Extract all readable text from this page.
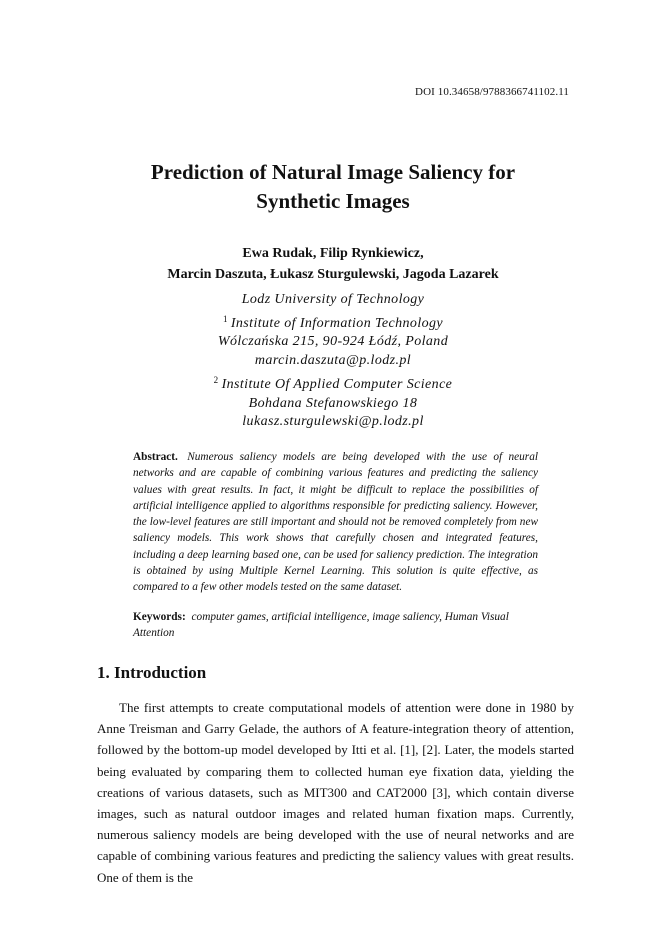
DOI 10.34658/9788366741102.11
Prediction of Natural Image Saliency for
Synthetic Images
Ewa Rudak, Filip Rynkiewicz,
Marcin Daszuta, Łukasz Sturgulewski, Jagoda Lazarek
Lodz University of Technology
$^1$ Institute of Information Technology
Wólczańska 215, 90-924 Łódź, Poland
marcin.daszuta@p.lodz.pl
$^2$ Institute Of Applied Computer Science
Bohdana Stefanowskiego 18
lukasz.sturgulewski@p.lodz.pl
Abstract. Numerous saliency models are being developed with the use of neural networks and are capable of combining various features and predicting the saliency values with great results. In fact, it might be difficult to replace the possibilities of artificial intelligence applied to algorithms responsible for predicting saliency. However, the low-level features are still important and should not be removed completely from new saliency models. This work shows that carefully chosen and integrated features, including a deep learning based one, can be used for saliency prediction. The integration is obtained by using Multiple Kernel Learning. This solution is quite effective, as compared to a few other models tested on the same dataset.
Keywords: computer games, artificial intelligence, image saliency, Human Visual Attention
1. Introduction
The first attempts to create computational models of attention were done in 1980 by Anne Treisman and Garry Gelade, the authors of A feature-integration theory of attention, followed by the bottom-up model developed by Itti et al. [1], [2]. Later, the models started being evaluated by comparing them to collected human eye fixation data, yielding the creations of various datasets, such as MIT300 and CAT2000 [3], which contain diverse images, such as natural outdoor images and related human fixation maps. Currently, numerous saliency models are being developed with the use of neural networks and are capable of combining various features and predicting the saliency values with great results. One of them is the
